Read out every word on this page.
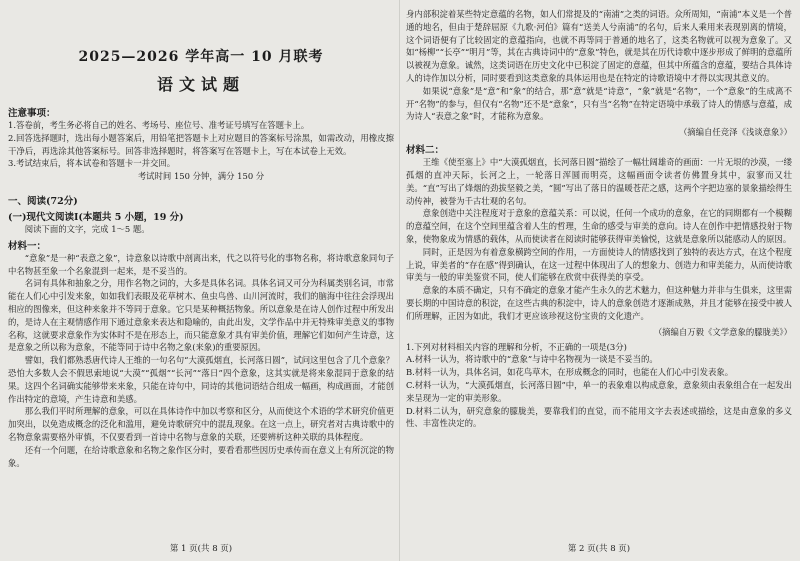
2025—2026 学年高一 10 月联考
语文试题
注意事项：

1.答卷前，考生务必将自己的姓名、考场号、座位号、准考证号填写在答题卡上。

2.回答选择题时，选出每小题答案后，用铅笔把答题卡上对应题目的答案标号涂黑，如需改动，用橡皮擦干净后，再选涂其他答案标号。回答非选择题时，将答案写在答题卡上，写在本试卷上无效。

3.考试结束后，将本试卷和答题卡一并交回。

考试时间 150 分钟，满分 150 分

一、阅读(72分)
(一)现代文阅读Ⅰ(本题共 5 小题，19 分)

阅读下面的文字，完成 1～5 题。

材料一：

“意象”是一种“表意之象”，诗意象以诗歌中剖离出来，代之以符号化的事物名称，将诗歌意象同句子中名物甚至象一个名象混到一起来，是不妥当的。

名词有具体和抽象之分，用作名物之词的，大多是具体名词。具体名词又可分为科属类别名词，市常能在人们心中引发来象，如如我们表眼及花草树木、鱼虫鸟兽、山川河流时，我们的脑海中往往会浮现出相应的图像来，但这种来象并不等同于意象。它只是某种概括物象。所以意象是在诗人创作过程中所发出的，是诗人在主观情感作用下通过意象来表达和隐喻的，由此出发，文学作品中并无特殊审美意义的事物名称，这就要求意象作为实体时不是在形态上，而只能意象才具有审美价值，理解它们如何产生诗意，这是意象之所以称为意象，不能等同于诗中名物之象(来象)的重要原因。

譬如，我们都熟悉唐代诗人王维的一句名句“大漠孤烟直，长河落日圆”，试问这里包含了几个意象？恐怕大多数人会不假思索地说“大漠”“孤烟”“长河”“落日”四个意象，这其实就是将来象混同于意象的结果。这四个名词确实能够带来来象，只能在诗句中，同诗的其他词语结合组成一幅画，构成画面，才能创作出特定的意境，产生诗意和美感。

那么我们平时所理解的意象，可以在具体诗作中加以考察和区分，从而使这个术语的学术研究价值更加突出，以免造成概念的泛化和滥用，避免诗歌研究中的混乱现象。在这一点上，研究者对古典诗歌中的名物意象需要格外审慎，不仅要看到一首诗中名物与意象的关联，还要辨析这种关联的具体程度。

还有一个问题，在给诗歌意象和名物之象作区分时，要看看那些因历史承传而在意义上有所沉淀的物象。

第 1 页(共 8 页)

身内部积淀着某些特定意蕴的名物，如人们常提及的“南浦”之类的词语。众所周知，“南浦”本义是一个普通的地名，但由于楚辞屈原《九歌·河伯》篇有“送美人兮南浦”的名句，后来人乘用来表现别离的情境，这个词语便有了比较固定的意蕴指向，也就不再等同于普通的地名了，这类名物就可以视为意象了。又如“杨柳”“长亭”“明月”等，其在古典诗词中的“意象”特色，就是其在历代诗歌中逐步形成了鲜明的意蕴所以被视为意象。诚然，这类词语在历史文化中已积淀了固定的意蕴，但其中所蕴含的意蕴，要结合具体诗人的诗作加以分析，同时要看到这类意象的具体运用也是在特定的诗歌语境中才得以实现其意义的。

如果说“意象”是“意”和“象”的结合，那“意”就是“诗意”，“象”就是“名物”，一个“意象”的生成离不开“名物”的参与，但仅有“名物”还不是“意象”，只有当“名物”在特定语境中承载了诗人的情感与意蕴，成为诗人“表意之象”时，才能称为意象。

（摘编自任竞泽《浅谈意象》）
材料二：

王维《使至塞上》中“大漠孤烟直，长河落日圆”描绘了一幅壮阔雄奇的画面：一片无垠的沙漠，一缕孤烟的直冲天际，长河之上，一轮落日浑圆而明亮，这幅画面令读者仿佛置身其中，寂寥而又壮美。“直”写出了烽烟的劲拔坚毅之美，“圆”写出了落日的温暖苍茫之感，这两个字把边塞的景象描绘得生动传神，被誉为千古壮观的名句。

意象创造中关注程度对于意象的意蕴关系：可以说，任何一个成功的意象，在它的同期都有一个模糊的意蕴空间，在这个空间里蕴含着人生的哲理，生命的感受与审美的意向。诗人在创作中把情感投射于物象，使物象成为情感的载体，从而使读者在阅读时能够获得审美愉悦，这就是意象所以能感动人的原因。

同时，正是因为有着意象横跨空间的作用，一方面使诗人的情感找到了独特的表达方式，在这个程度上说，审美者的“存在感”得到确认，在这一过程中体现出了人的想象力、创造力和审美能力，从而使诗歌审美与一般的审美鉴赏不同，使人们能够在欣赏中获得美的享受。

意象的本质不确定，只有不确定的意象才能产生永久的艺术魅力，但这种魅力并非与生俱来，这里需要长期的中国诗意的积淀，在这些古典的积淀中，诗人的意象创造才逐渐成熟，并且才能够在接受中被人们所理解，正因为如此，我们才更应该珍视这份宝贵的文化遗产。

（摘编自万毅《文学意象的朦胧美》）

1.下列对材料相关内容的理解和分析，不正确的一项是(3分)

A.材料一认为，将诗歌中的“意象”与诗中名物视为一谈是不妥当的。

B.材料一认为，具体名词，如花鸟草木，在形成概念的同时，也能在人们心中引发表象。

C.材料一认为，“大漠孤烟直，长河落日圆”中，单一的表象难以构成意象，意象须由表象组合在一起发出来呈现为一定的审美形象。

D.材料二认为，研究意象的朦胧美，要靠我们的直觉，而不能用文字去表述或描绘，这是由意象的多义性、丰富性决定的。

第 2 页(共 8 页)
